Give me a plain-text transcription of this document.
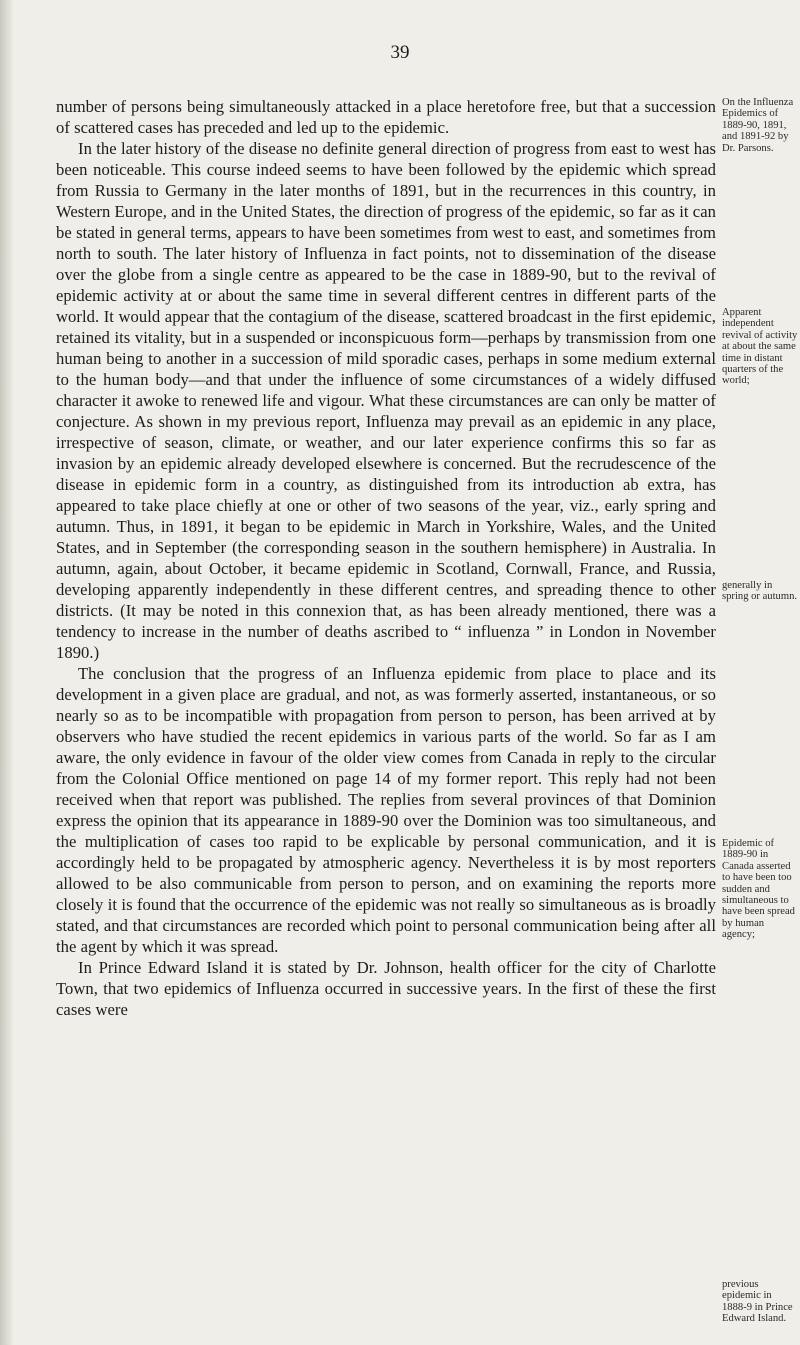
39

number of persons being simultaneously attacked in a place heretofore free, but that a succession of scattered cases has preceded and led up to the epidemic.

In the later history of the disease no definite general direction of progress from east to west has been noticeable. This course indeed seems to have been followed by the epidemic which spread from Russia to Germany in the later months of 1891, but in the recurrences in this country, in Western Europe, and in the United States, the direction of progress of the epidemic, so far as it can be stated in general terms, appears to have been sometimes from west to east, and sometimes from north to south. The later history of Influenza in fact points, not to dissemination of the disease over the globe from a single centre as appeared to be the case in 1889-90, but to the revival of epidemic activity at or about the same time in several different centres in different parts of the world. It would appear that the contagium of the disease, scattered broadcast in the first epidemic, retained its vitality, but in a suspended or inconspicuous form—perhaps by transmission from one human being to another in a succession of mild sporadic cases, perhaps in some medium external to the human body—and that under the influence of some circumstances of a widely diffused character it awoke to renewed life and vigour. What these circumstances are can only be matter of conjecture. As shown in my previous report, Influenza may prevail as an epidemic in any place, irrespective of season, climate, or weather, and our later experience confirms this so far as invasion by an epidemic already developed elsewhere is concerned. But the recrudescence of the disease in epidemic form in a country, as distinguished from its introduction ab extra, has appeared to take place chiefly at one or other of two seasons of the year, viz., early spring and autumn. Thus, in 1891, it began to be epidemic in March in Yorkshire, Wales, and the United States, and in September (the corresponding season in the southern hemisphere) in Australia. In autumn, again, about October, it became epidemic in Scotland, Cornwall, France, and Russia, developing apparently independently in these different centres, and spreading thence to other districts. (It may be noted in this connexion that, as has been already mentioned, there was a tendency to increase in the number of deaths ascribed to “ influenza ” in London in November 1890.)

The conclusion that the progress of an Influenza epidemic from place to place and its development in a given place are gradual, and not, as was formerly asserted, instantaneous, or so nearly so as to be incompatible with propagation from person to person, has been arrived at by observers who have studied the recent epidemics in various parts of the world. So far as I am aware, the only evidence in favour of the older view comes from Canada in reply to the circular from the Colonial Office mentioned on page 14 of my former report. This reply had not been received when that report was published. The replies from several provinces of that Dominion express the opinion that its appearance in 1889-90 over the Dominion was too simultaneous, and the multiplication of cases too rapid to be explicable by personal communication, and it is accordingly held to be propagated by atmospheric agency. Nevertheless it is by most reporters allowed to be also communicable from person to person, and on examining the reports more closely it is found that the occurrence of the epidemic was not really so simultaneous as is broadly stated, and that circumstances are recorded which point to personal communication being after all the agent by which it was spread.

In Prince Edward Island it is stated by Dr. Johnson, health officer for the city of Charlotte Town, that two epidemics of Influenza occurred in successive years. In the first of these the first cases were

On the Influenza Epidemics of 1889-90, 1891, and 1891-92 by Dr. Parsons.
Apparent independent revival of activity at about the same time in distant quarters of the world;
generally in spring or autumn.
Epidemic of 1889-90 in Canada asserted to have been too sudden and simultaneous to have been spread by human agency;
previous epidemic in 1888-9 in Prince Edward Island.
